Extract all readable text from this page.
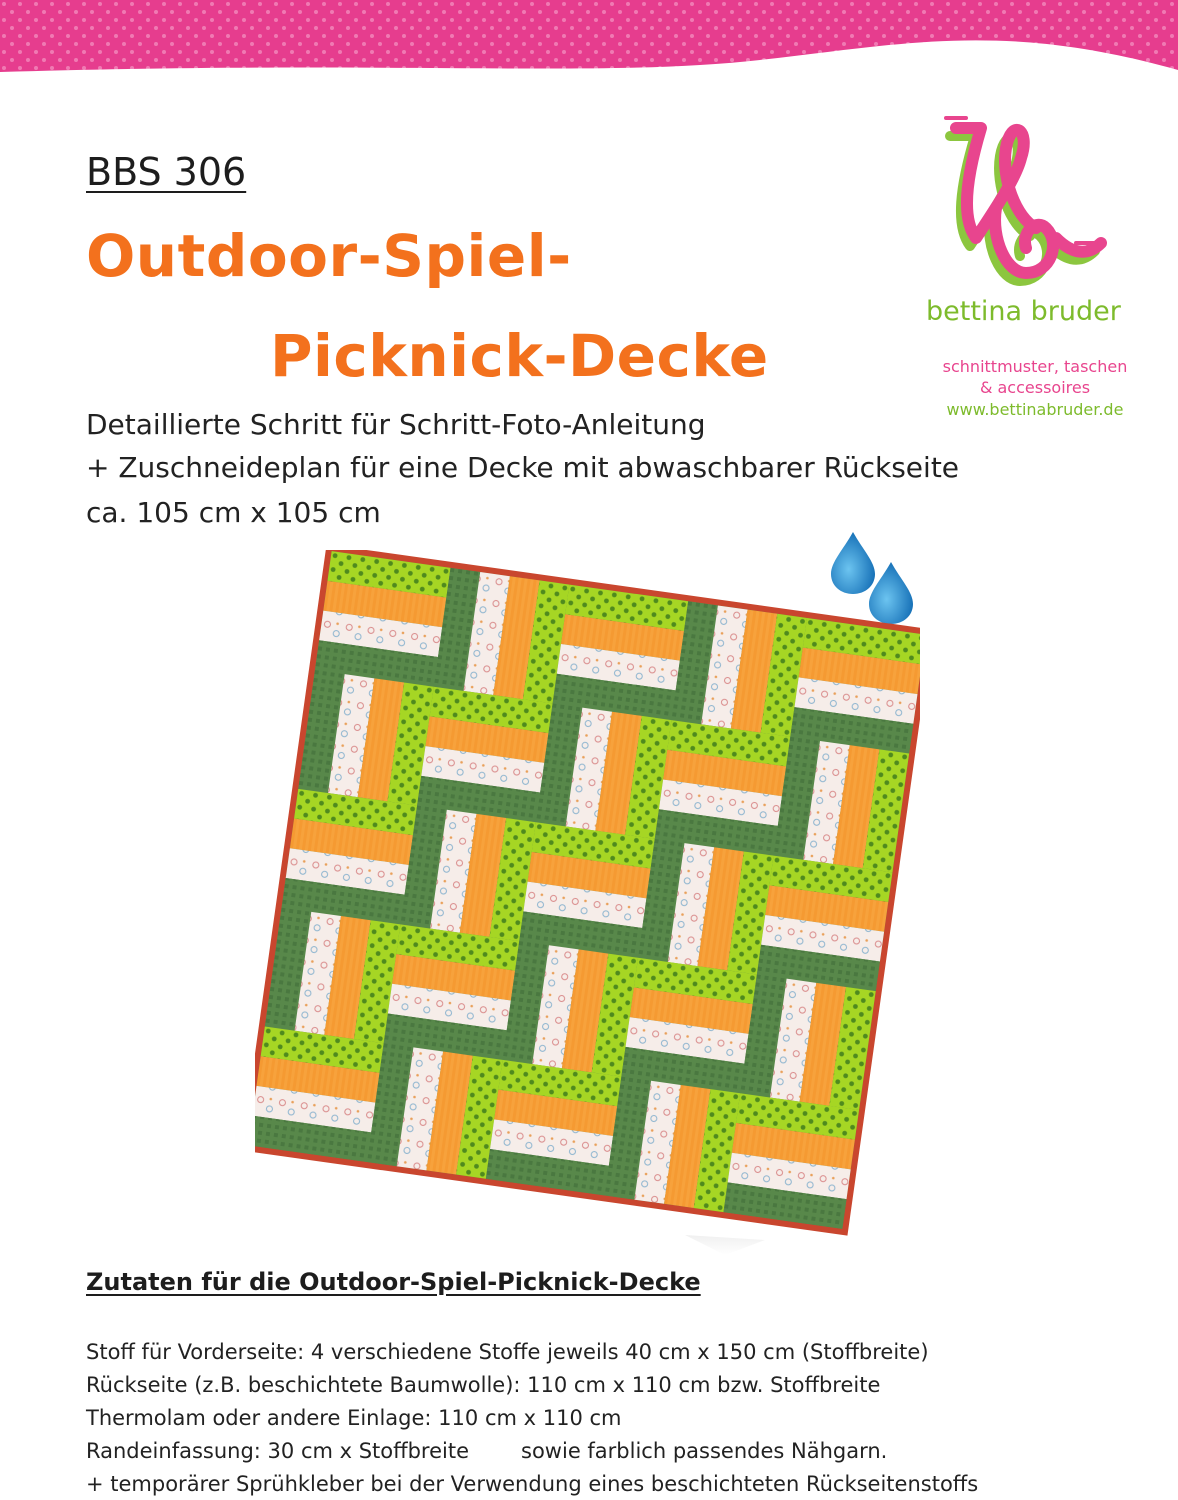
BBS 306
Outdoor-Spiel-
Picknick-Decke
Detaillierte Schritt für Schritt-Foto-Anleitung
+ Zuschneideplan für eine Decke mit abwaschbarer Rückseite
ca. 105 cm x 105 cm
bettina bruder
schnittmuster, taschen
& accessoires
www.bettinabruder.de
Zutaten für die Outdoor-Spiel-Picknick-Decke
Stoff für Vorderseite: 4 verschiedene Stoffe jeweils 40 cm x 150 cm (Stoffbreite)
Rückseite (z.B. beschichtete Baumwolle): 110 cm x 110 cm bzw. Stoffbreite
Thermolam oder andere Einlage: 110 cm x 110 cm
Randeinfassung: 30 cm x Stoffbreite sowie farblich passendes Nähgarn.
+ temporärer Sprühkleber bei der Verwendung eines beschichteten Rückseitenstoffs
